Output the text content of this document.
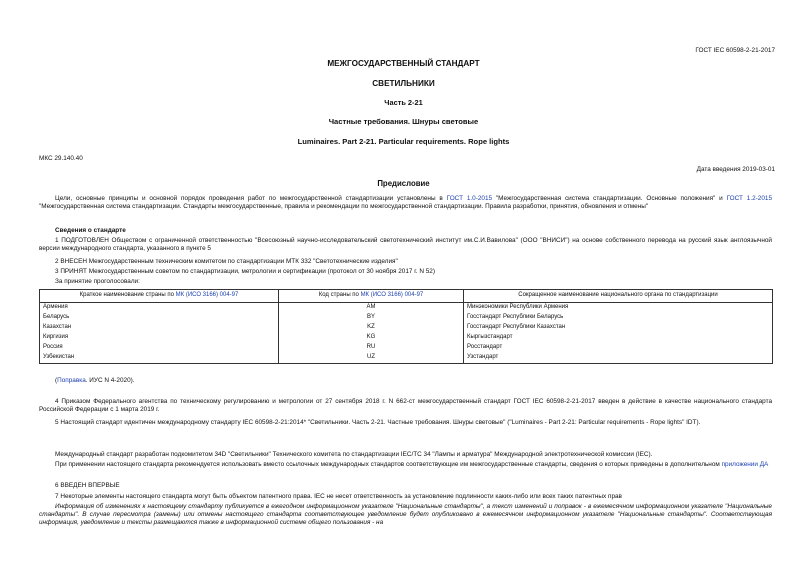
ГОСТ IEC 60598-2-21-2017
МЕЖГОСУДАРСТВЕННЫЙ СТАНДАРТ
СВЕТИЛЬНИКИ
Часть 2-21
Частные требования. Шнуры световые
Luminaires. Part 2-21. Particular requirements. Rope lights
МКС 29.140.40
Дата введения 2019-03-01
Предисловие
Цели, основные принципы и основной порядок проведения работ по межгосударственной стандартизации установлены в ГОСТ 1.0-2015 "Межгосударственная система стандартизации. Основные положения" и ГОСТ 1.2-2015 "Межгосударственная система стандартизации. Стандарты межгосударственные, правила и рекомендации по межгосударственной стандартизации. Правила разработки, принятия, обновления и отмены"
Сведения о стандарте
1 ПОДГОТОВЛЕН Обществом с ограниченной ответственностью "Всесоюзный научно-исследовательский светотехнический институт им.С.И.Вавилова" (ООО "ВНИСИ") на основе собственного перевода на русский язык англоязычной версии международного стандарта, указанного в пункте 5
2 ВНЕСЕН Межгосударственным техническим комитетом по стандартизации МТК 332 "Светотехнические изделия"
3 ПРИНЯТ Межгосударственным советом по стандартизации, метрологии и сертификации (протокол от 30 ноября 2017 г. N 52)
За принятие проголосовали:
Краткое наименование страны по МК (ИСО 3166) 004-97	Код страны по МК (ИСО 3166) 004-97	Сокращенное наименование национального органа по стандартизации
Армения	AM	Минэкономики Республики Армения
Беларусь	BY	Госстандарт Республики Беларусь
Казахстан	KZ	Госстандарт Республики Казахстан
Киргизия	KG	Кыргызстандарт
Россия	RU	Росстандарт
Узбекистан	UZ	Узстандарт
(Поправка. ИУС N 4-2020).
4 Приказом Федерального агентства по техническому регулированию и метрологии от 27 сентября 2018 г. N 662-ст межгосударственный стандарт ГОСТ IEC 60598-2-21-2017 введен в действие в качестве национального стандарта Российской Федерации с 1 марта 2019 г.
5 Настоящий стандарт идентичен международному стандарту IEC 60598-2-21:2014* "Светильники. Часть 2-21. Частные требования. Шнуры световые" ("Luminaires - Part 2-21: Particular requirements - Rope lights" IDT).
Международный стандарт разработан подкомитетом 34D "Светильники" Технического комитета по стандартизации IEC/TC 34 "Лампы и арматура" Международной электротехнической комиссии (IEC).
При применении настоящего стандарта рекомендуется использовать вместо ссылочных международных стандартов соответствующие им межгосударственные стандарты, сведения о которых приведены в дополнительном приложении ДА
6 ВВЕДЕН ВПЕРВЫЕ
7 Некоторые элементы настоящего стандарта могут быть объектом патентного права. IEC не несет ответственность за установление подлинности каких-либо или всех таких патентных прав
Информация об изменениях к настоящему стандарту публикуется в ежегодном информационном указателе "Национальные стандарты", а текст изменений и поправок - в ежемесячном информационном указателе "Национальные стандарты". В случае пересмотра (замены) или отмены настоящего стандарта соответствующее уведомление будет опубликовано в ежемесячном информационном указателе "Национальные стандарты". Соответствующая информация, уведомление и тексты размещаются также в информационной системе общего пользования - на
